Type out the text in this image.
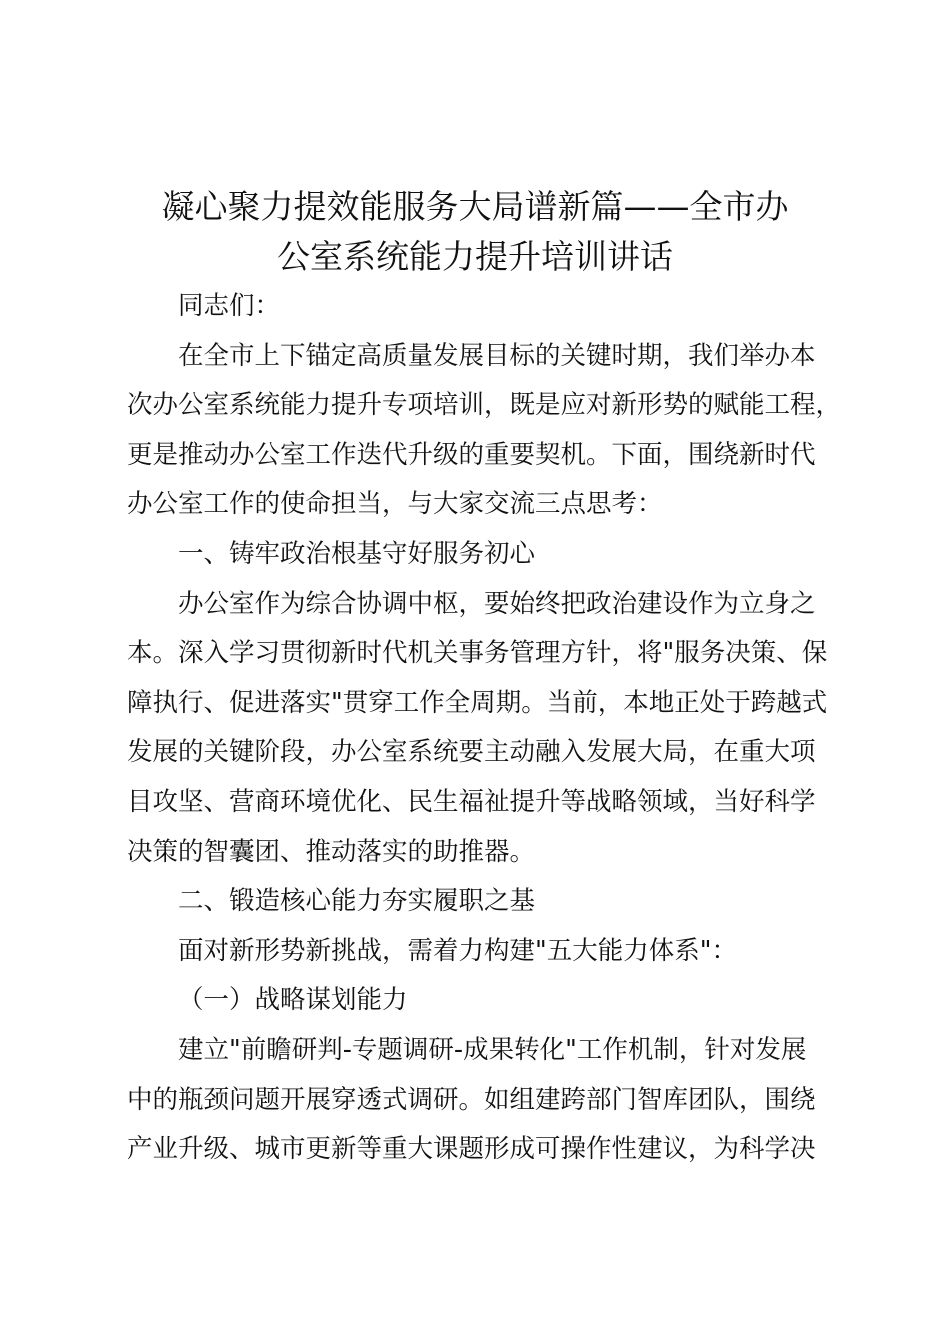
凝心聚力提效能服务大局谱新篇——全市办
公室系统能力提升培训讲话
同志们：
在全市上下锚定高质量发展目标的关键时期，我们举办本
次办公室系统能力提升专项培训，既是应对新形势的赋能工程，
更是推动办公室工作迭代升级的重要契机。下面，围绕新时代
办公室工作的使命担当，与大家交流三点思考：
一、铸牢政治根基守好服务初心
办公室作为综合协调中枢，要始终把政治建设作为立身之
本。深入学习贯彻新时代机关事务管理方针，将"服务决策、保
障执行、促进落实"贯穿工作全周期。当前，本地正处于跨越式
发展的关键阶段，办公室系统要主动融入发展大局，在重大项
目攻坚、营商环境优化、民生福祉提升等战略领域，当好科学
决策的智囊团、推动落实的助推器。
二、锻造核心能力夯实履职之基
面对新形势新挑战，需着力构建"五大能力体系"：
（一）战略谋划能力
建立"前瞻研判-专题调研-成果转化"工作机制，针对发展
中的瓶颈问题开展穿透式调研。如组建跨部门智库团队，围绕
产业升级、城市更新等重大课题形成可操作性建议，为科学决
